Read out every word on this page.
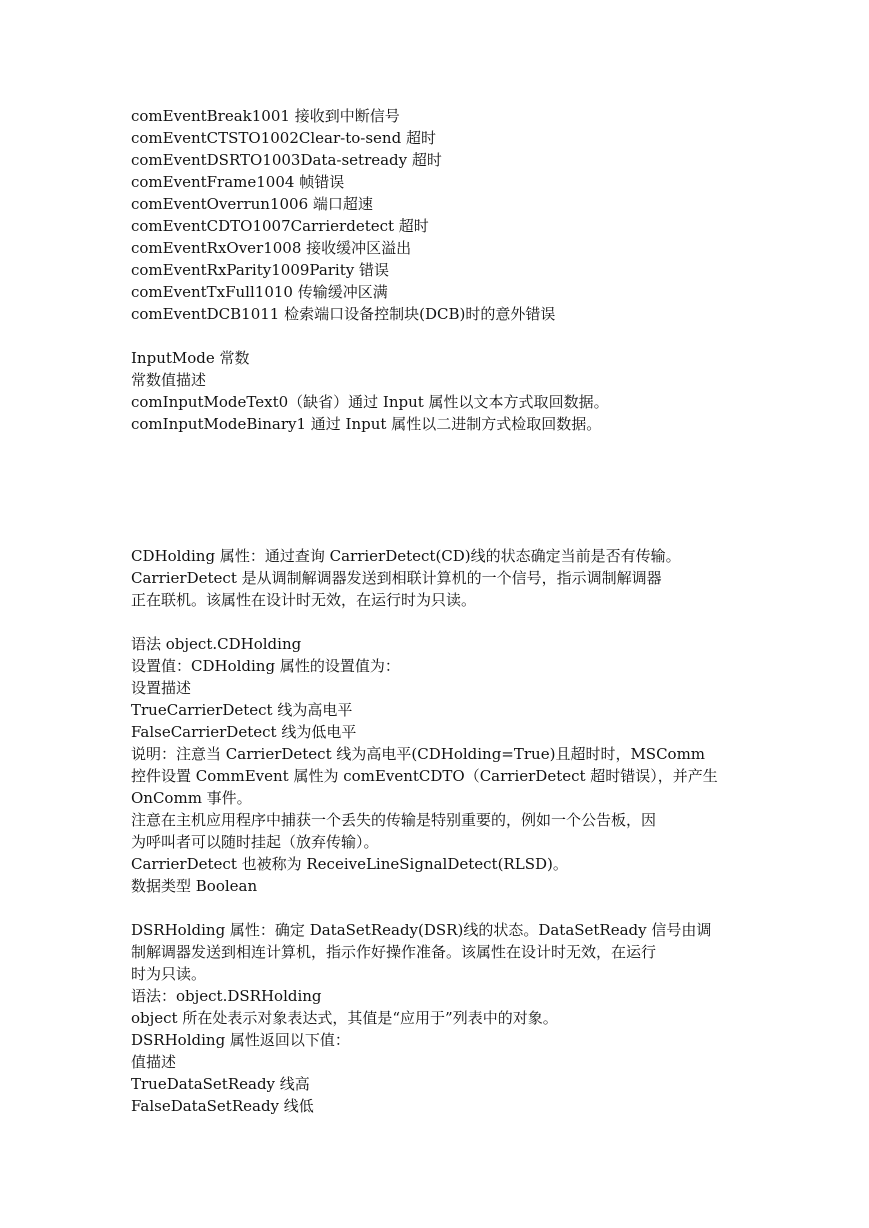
comEventBreak1001 接收到中断信号
comEventCTSTO1002Clear-to-send 超时
comEventDSRTO1003Data-setready 超时
comEventFrame1004 帧错误
comEventOverrun1006 端口超速
comEventCDTO1007Carrierdetect 超时
comEventRxOver1008 接收缓冲区溢出
comEventRxParity1009Parity 错误
comEventTxFull1010 传输缓冲区满
comEventDCB1011 检索端口设备控制块(DCB)时的意外错误
InputMode 常数
常数值描述
comInputModeText0（缺省）通过 Input 属性以文本方式取回数据。
comInputModeBinary1 通过 Input 属性以二进制方式检取回数据。
CDHolding 属性：通过查询 CarrierDetect(CD)线的状态确定当前是否有传输。
CarrierDetect 是从调制解调器发送到相联计算机的一个信号，指示调制解调器
正在联机。该属性在设计时无效，在运行时为只读。
语法 object.CDHolding
设置值：CDHolding 属性的设置值为：
设置描述
TrueCarrierDetect 线为高电平
FalseCarrierDetect 线为低电平
说明：注意当 CarrierDetect 线为高电平(CDHolding=True)且超时时，MSComm
控件设置 CommEvent 属性为 comEventCDTO（CarrierDetect 超时错误），并产生
OnComm 事件。
注意在主机应用程序中捕获一个丢失的传输是特别重要的，例如一个公告板，因
为呼叫者可以随时挂起（放弃传输）。
CarrierDetect 也被称为 ReceiveLineSignalDetect(RLSD)。
数据类型 Boolean
DSRHolding 属性：确定 DataSetReady(DSR)线的状态。DataSetReady 信号由调
制解调器发送到相连计算机，指示作好操作准备。该属性在设计时无效，在运行
时为只读。
语法：object.DSRHolding
object 所在处表示对象表达式，其值是“应用于”列表中的对象。
DSRHolding 属性返回以下值：
值描述
TrueDataSetReady 线高
FalseDataSetReady 线低
